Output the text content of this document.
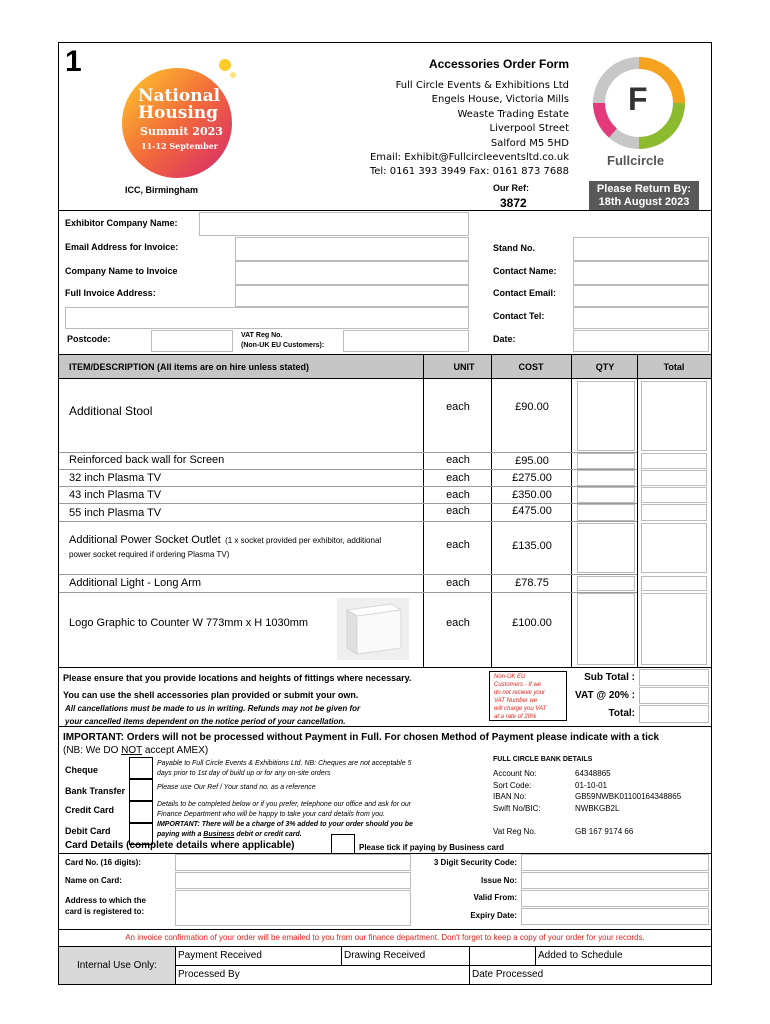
1
National
Housing
Summit 2023
11-12 September
Accessories Order Form
Full Circle Events & Exhibitions Ltd
Engels House, Victoria Mills
Weaste Trading Estate
Liverpool Street
Salford M5 5HD
Email: Exhibit@Fullcircleeventsltd.co.uk
Tel: 0161 393 3949 Fax: 0161 873 7688
F
Fullcircle
ICC, Birmingham	Our Ref:
3872
Please Return By:
18th August 2023
Exhibitor Company Name:
Email Address for Invoice:	Stand No.
Company Name to Invoice	Contact Name:
Full Invoice Address:	Contact Email:
Contact Tel:
Postcode:	VAT Reg No.
(Non-UK EU Customers):
Date:
ITEM/DESCRIPTION (All items are on hire unless stated)	UNIT	COST	QTY	Total
Additional Stool	each	£90.00
Reinforced back wall for Screen	each	£95.00
32 inch Plasma TV	each	£275.00
43 inch Plasma TV	each	£350.00
55 inch Plasma TV	each	£475.00
Additional Power Socket Outlet (1 x socket provided per exhibitor, additional
power socket required if ordering Plasma TV)
each	£135.00
Additional Light - Long Arm	each	£78.75
Logo Graphic to Counter W 773mm x H 1030mm	each	£100.00
Please ensure that you provide locations and heights of fittings where necessary.
You can use the shell accessories plan provided or submit your own.
All cancellations must be made to us in writing. Refunds may not be given for
your cancelled items dependent on the notice period of your cancellation.
Non-UK EU
Customers - If we
do not recieve your
VAT Number we
will charge you VAT
at a rate of 20%
Sub Total :
VAT @ 20% :
Total:
IMPORTANT: Orders will not be processed without Payment in Full. For chosen Method of Payment please indicate with a tick
(NB: We DO NOT accept AMEX)
Cheque
Payable to Full Circle Events & Exhibitions Ltd. NB: Cheques are not acceptable 5
days prior to 1st day of build up or for any on-site orders
Bank Transfer	Please use Our Ref / Your stand no. as a reference
Credit Card
Details to be completed below or if you prefer, telephone our office and ask for our
Finance Department who will be happy to take your card details from you.
IMPORTANT: There will be a charge of 3% added to your order should you be
paying with a Business debit or credit card.
Debit Card
Please tick if paying by Business card
FULL CIRCLE BANK DETAILS
Account No:	64348865
Sort Code:	01-10-01
IBAN No:	GB59NWBK01100164348865
Swift No/BIC:	NWBKGB2L
Vat Reg No.	GB 167 9174 66
Card Details (complete details where applicable)
Card No. (16 digits):	3 Digit Security Code:
Name on Card:	Issue No:
Address to which the
card is registered to:
Valid From:
Expiry Date:
An invoice confirmation of your order will be emailed to you from our finance department. Don't forget to keep a copy of your order for your records.
Internal Use Only:
Payment Received	Drawing Received	Added to Schedule
Processed By	Date Processed
